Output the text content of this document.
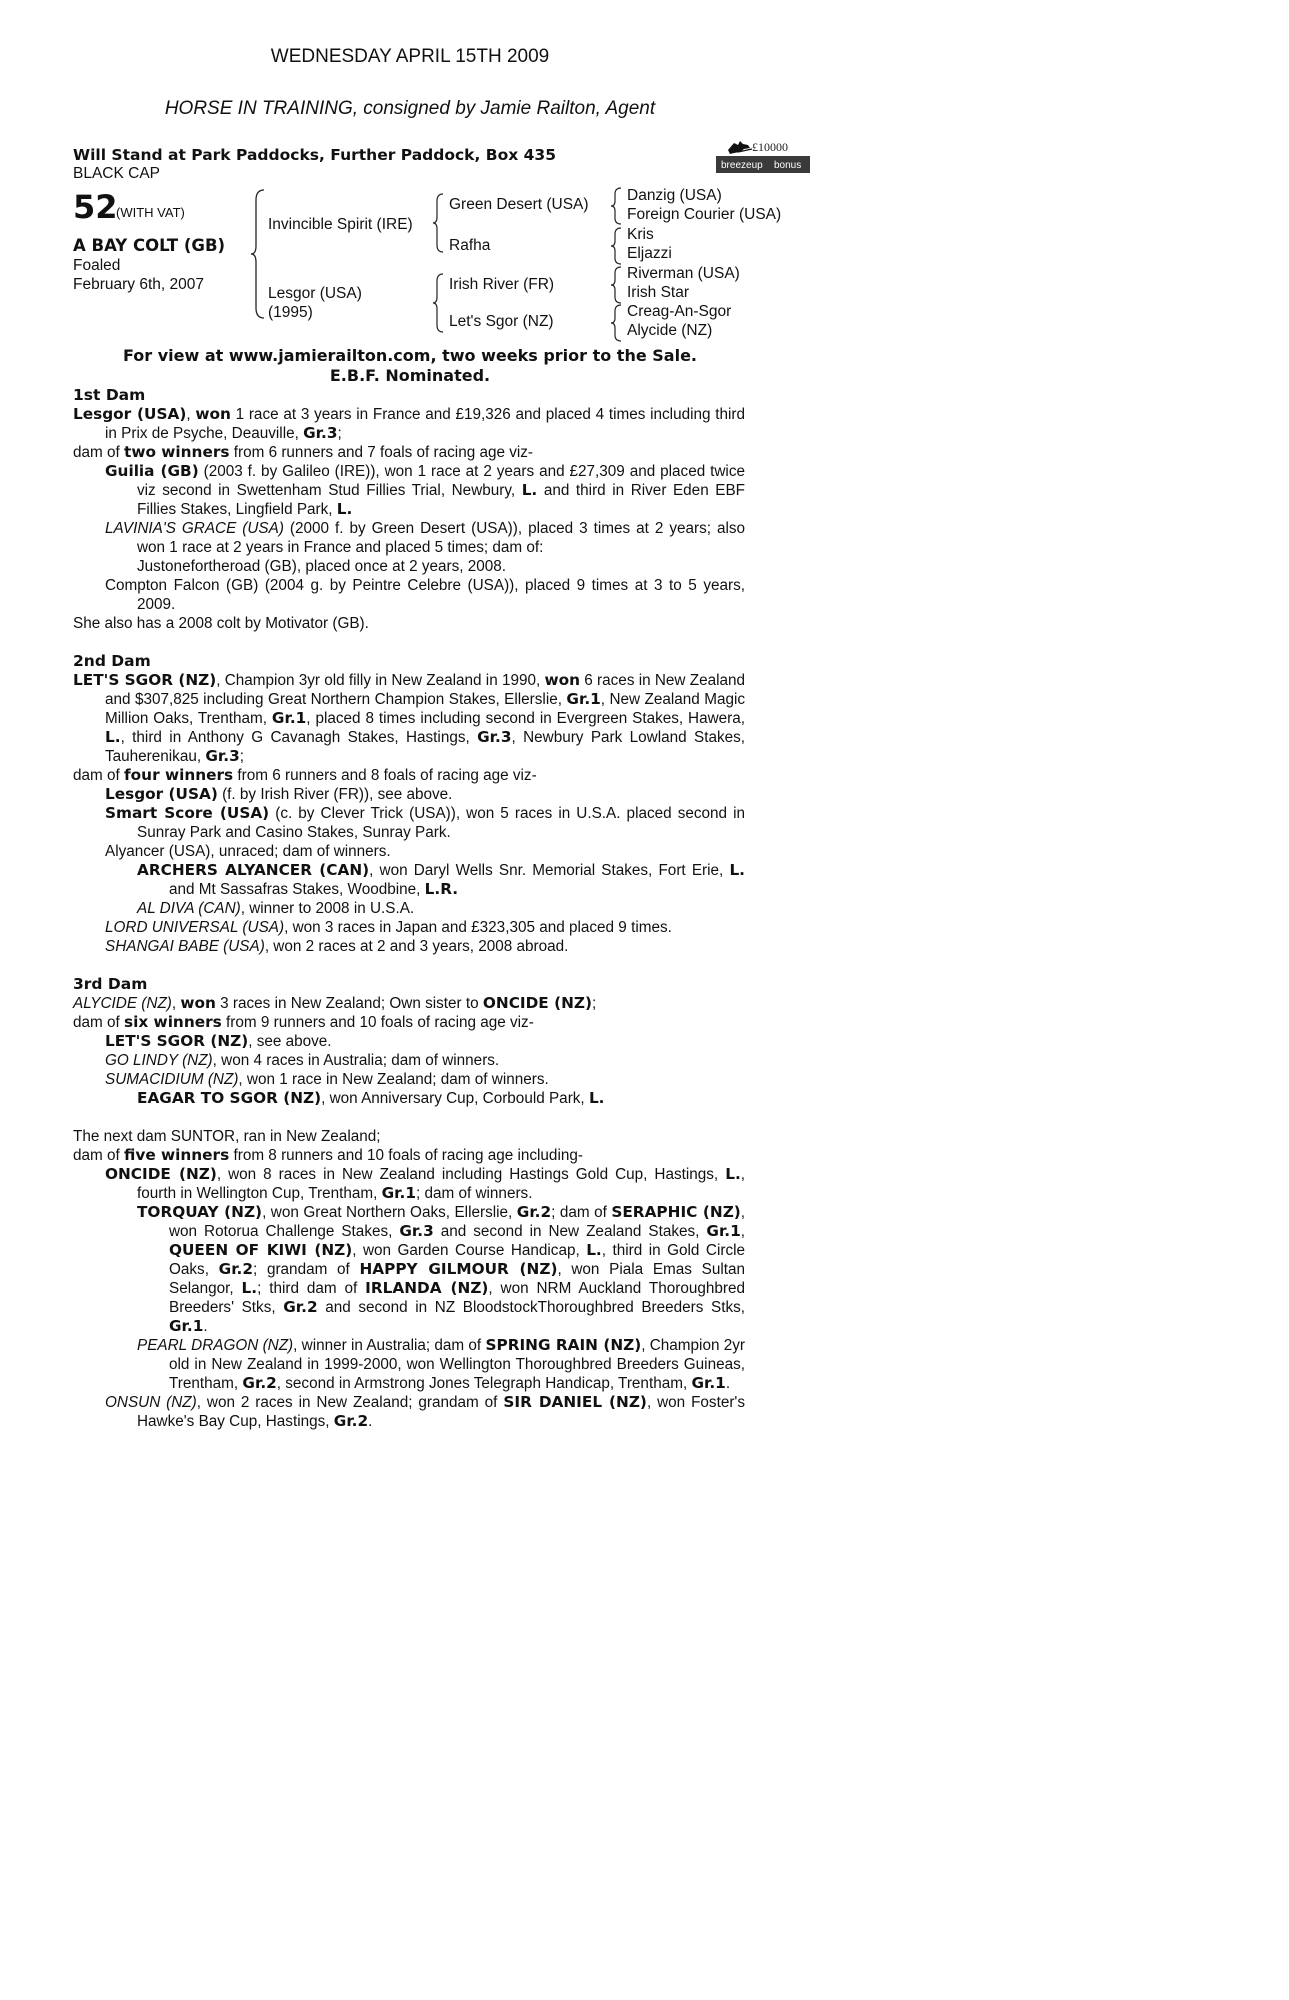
WEDNESDAY APRIL 15TH 2009
HORSE IN TRAINING, consigned by Jamie Railton, Agent
Will Stand at Park Paddocks, Further Paddock, Box 435
BLACK CAP
£10000
breezeup bonus
52
(WITH VAT)
A BAY COLT (GB)
Foaled
February 6th, 2007
Invincible Spirit (IRE)
Lesgor (USA)
(1995)
Green Desert (USA)
Rafha
Irish River (FR)
Let's Sgor (NZ)
Danzig (USA)
Foreign Courier (USA)
Kris
Eljazzi
Riverman (USA)
Irish Star
Creag-An-Sgor
Alycide (NZ)
For view at www.jamierailton.com, two weeks prior to the Sale.
E.B.F. Nominated.

1st Dam

Lesgor (USA), won 1 race at 3 years in France and £19,326 and placed 4 times including third in Prix de Psyche, Deauville, Gr.3;

dam of two winners from 6 runners and 7 foals of racing age viz-

Guilia (GB) (2003 f. by Galileo (IRE)), won 1 race at 2 years and £27,309 and placed twice viz second in Swettenham Stud Fillies Trial, Newbury, L. and third in River Eden EBF Fillies Stakes, Lingfield Park, L.

LAVINIA'S GRACE (USA) (2000 f. by Green Desert (USA)), placed 3 times at 2 years; also won 1 race at 2 years in France and placed 5 times; dam of:

Justonefortheroad (GB), placed once at 2 years, 2008.

Compton Falcon (GB) (2004 g. by Peintre Celebre (USA)), placed 9 times at 3 to 5 years, 2009.

She also has a 2008 colt by Motivator (GB).

2nd Dam

LET'S SGOR (NZ), Champion 3yr old filly in New Zealand in 1990, won 6 races in New Zealand and $307,825 including Great Northern Champion Stakes, Ellerslie, Gr.1, New Zealand Magic Million Oaks, Trentham, Gr.1, placed 8 times including second in Evergreen Stakes, Hawera, L., third in Anthony G Cavanagh Stakes, Hastings, Gr.3, Newbury Park Lowland Stakes, Tauherenikau, Gr.3;

dam of four winners from 6 runners and 8 foals of racing age viz-

Lesgor (USA) (f. by Irish River (FR)), see above.

Smart Score (USA) (c. by Clever Trick (USA)), won 5 races in U.S.A. placed second in Sunray Park and Casino Stakes, Sunray Park.

Alyancer (USA), unraced; dam of winners.

ARCHERS ALYANCER (CAN), won Daryl Wells Snr. Memorial Stakes, Fort Erie, L. and Mt Sassafras Stakes, Woodbine, L.R.

AL DIVA (CAN), winner to 2008 in U.S.A.

LORD UNIVERSAL (USA), won 3 races in Japan and £323,305 and placed 9 times.

SHANGAI BABE (USA), won 2 races at 2 and 3 years, 2008 abroad.

3rd Dam

ALYCIDE (NZ), won 3 races in New Zealand; Own sister to ONCIDE (NZ);

dam of six winners from 9 runners and 10 foals of racing age viz-

LET'S SGOR (NZ), see above.

GO LINDY (NZ), won 4 races in Australia; dam of winners.

SUMACIDIUM (NZ), won 1 race in New Zealand; dam of winners.

EAGAR TO SGOR (NZ), won Anniversary Cup, Corbould Park, L.

The next dam SUNTOR, ran in New Zealand;

dam of five winners from 8 runners and 10 foals of racing age including-

ONCIDE (NZ), won 8 races in New Zealand including Hastings Gold Cup, Hastings, L., fourth in Wellington Cup, Trentham, Gr.1; dam of winners.

TORQUAY (NZ), won Great Northern Oaks, Ellerslie, Gr.2; dam of SERAPHIC (NZ), won Rotorua Challenge Stakes, Gr.3 and second in New Zealand Stakes, Gr.1, QUEEN OF KIWI (NZ), won Garden Course Handicap, L., third in Gold Circle Oaks, Gr.2; grandam of HAPPY GILMOUR (NZ), won Piala Emas Sultan Selangor, L.; third dam of IRLANDA (NZ), won NRM Auckland Thoroughbred Breeders' Stks, Gr.2 and second in NZ BloodstockThoroughbred Breeders Stks, Gr.1.

PEARL DRAGON (NZ), winner in Australia; dam of SPRING RAIN (NZ), Champion 2yr old in New Zealand in 1999-2000, won Wellington Thoroughbred Breeders Guineas, Trentham, Gr.2, second in Armstrong Jones Telegraph Handicap, Trentham, Gr.1.

ONSUN (NZ), won 2 races in New Zealand; grandam of SIR DANIEL (NZ), won Foster's Hawke's Bay Cup, Hastings, Gr.2.
